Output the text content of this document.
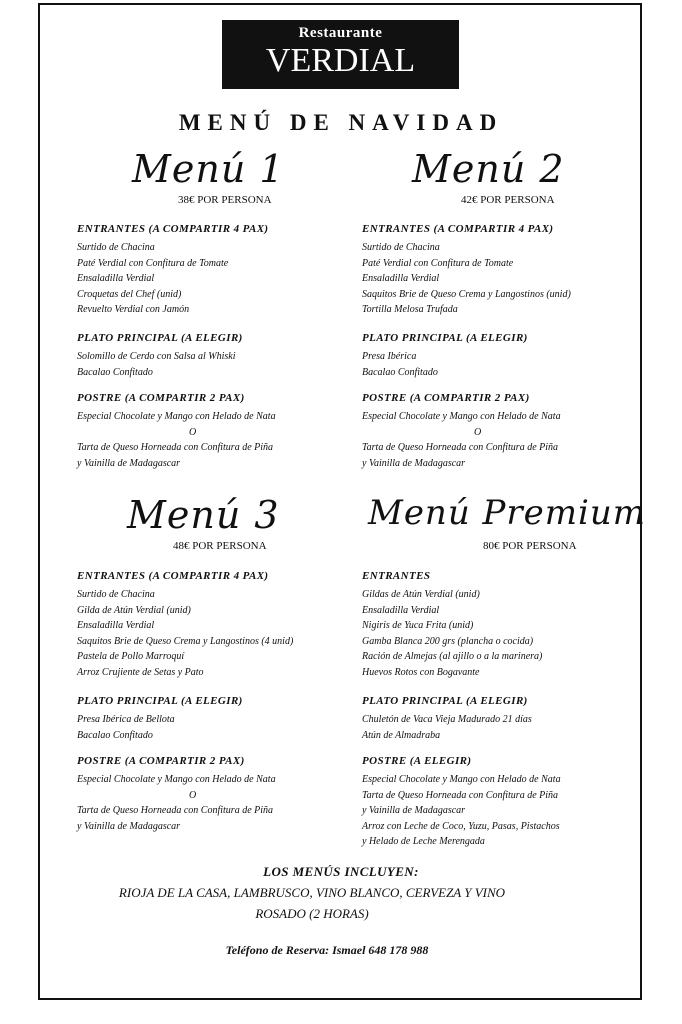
Restaurante
VERDIAL
MENÚ DE NAVIDAD
Menú 1
38€ POR PERSONA
ENTRANTES (A COMPARTIR 4 PAX)
Surtido de Chacina
Paté Verdial con Confitura de Tomate
Ensaladilla Verdial
Croquetas del Chef (unid)
Revuelto Verdial con Jamón
PLATO PRINCIPAL (A ELEGIR)
Solomillo de Cerdo con Salsa al Whiski
Bacalao Confitado
POSTRE (A COMPARTIR 2 PAX)
Especial Chocolate y Mango con Helado de Nata
O
Tarta de Queso Horneada con Confitura de Piña
y Vainilla de Madagascar
Menú 2
42€ POR PERSONA
ENTRANTES (A COMPARTIR 4 PAX)
Surtido de Chacina
Paté Verdial con Confitura de Tomate
Ensaladilla Verdial
Saquitos Brie de Queso Crema y Langostinos (unid)
Tortilla Melosa Trufada
PLATO PRINCIPAL (A ELEGIR)
Presa Ibérica
Bacalao Confitado
POSTRE (A COMPARTIR 2 PAX)
Especial Chocolate y Mango con Helado de Nata
O
Tarta de Queso Horneada con Confitura de Piña
y Vainilla de Madagascar
Menú 3
48€ POR PERSONA
ENTRANTES (A COMPARTIR 4 PAX)
Surtido de Chacina
Gilda de Atún Verdial (unid)
Ensaladilla Verdial
Saquitos Brie de Queso Crema y Langostinos (4 unid)
Pastela de Pollo Marroquí
Arroz Crujiente de Setas y Pato
PLATO PRINCIPAL (A ELEGIR)
Presa Ibérica de Bellota
Bacalao Confitado
POSTRE (A COMPARTIR 2 PAX)
Especial Chocolate y Mango con Helado de Nata
O
Tarta de Queso Horneada con Confitura de Piña
y Vainilla de Madagascar
Menú Premium
80€ POR PERSONA
ENTRANTES
Gildas de Atún Verdial (unid)
Ensaladilla Verdial
Nigiris de Yuca Frita (unid)
Gamba Blanca 200 grs (plancha o cocida)
Ración de Almejas (al ajillo o a la marinera)
Huevos Rotos con Bogavante
PLATO PRINCIPAL (A ELEGIR)
Chuletón de Vaca Vieja Madurado 21 días
Atún de Almadraba
POSTRE (A ELEGIR)
Especial Chocolate y Mango con Helado de Nata
Tarta de Queso Horneada con Confitura de Piña
y Vainilla de Madagascar
Arroz con Leche de Coco, Yuzu, Pasas, Pistachos
y Helado de Leche Merengada
LOS MENÚS INCLUYEN:
RIOJA DE LA CASA, LAMBRUSCO, VINO BLANCO, CERVEZA Y VINO
ROSADO (2 HORAS)
Teléfono de Reserva: Ismael 648 178 988
